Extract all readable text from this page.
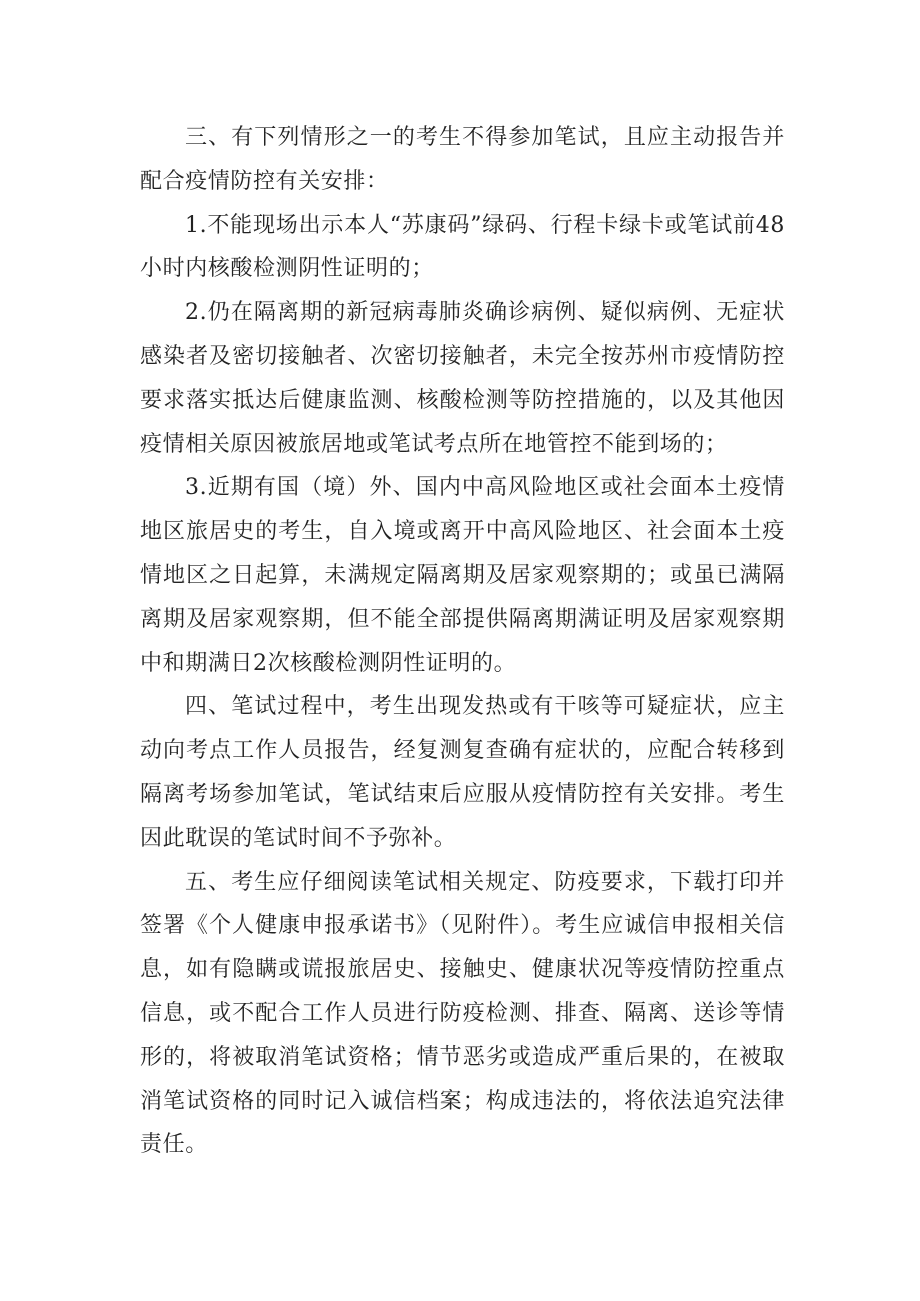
三、有下列情形之一的考生不得参加笔试，且应主动报告并配合疫情防控有关安排：

1.不能现场出示本人“苏康码”绿码、行程卡绿卡或笔试前48小时内核酸检测阴性证明的；

2.仍在隔离期的新冠病毒肺炎确诊病例、疑似病例、无症状感染者及密切接触者、次密切接触者，未完全按苏州市疫情防控要求落实抵达后健康监测、核酸检测等防控措施的，以及其他因疫情相关原因被旅居地或笔试考点所在地管控不能到场的；

3.近期有国（境）外、国内中高风险地区或社会面本土疫情地区旅居史的考生，自入境或离开中高风险地区、社会面本土疫情地区之日起算，未满规定隔离期及居家观察期的；或虽已满隔离期及居家观察期，但不能全部提供隔离期满证明及居家观察期中和期满日2次核酸检测阴性证明的。

四、笔试过程中，考生出现发热或有干咳等可疑症状，应主动向考点工作人员报告，经复测复查确有症状的，应配合转移到隔离考场参加笔试，笔试结束后应服从疫情防控有关安排。考生因此耽误的笔试时间不予弥补。

五、考生应仔细阅读笔试相关规定、防疫要求，下载打印并签署《个人健康申报承诺书》（见附件）。考生应诚信申报相关信息，如有隐瞒或谎报旅居史、接触史、健康状况等疫情防控重点信息，或不配合工作人员进行防疫检测、排查、隔离、送诊等情形的，将被取消笔试资格；情节恶劣或造成严重后果的，在被取消笔试资格的同时记入诚信档案；构成违法的，将依法追究法律责任。
